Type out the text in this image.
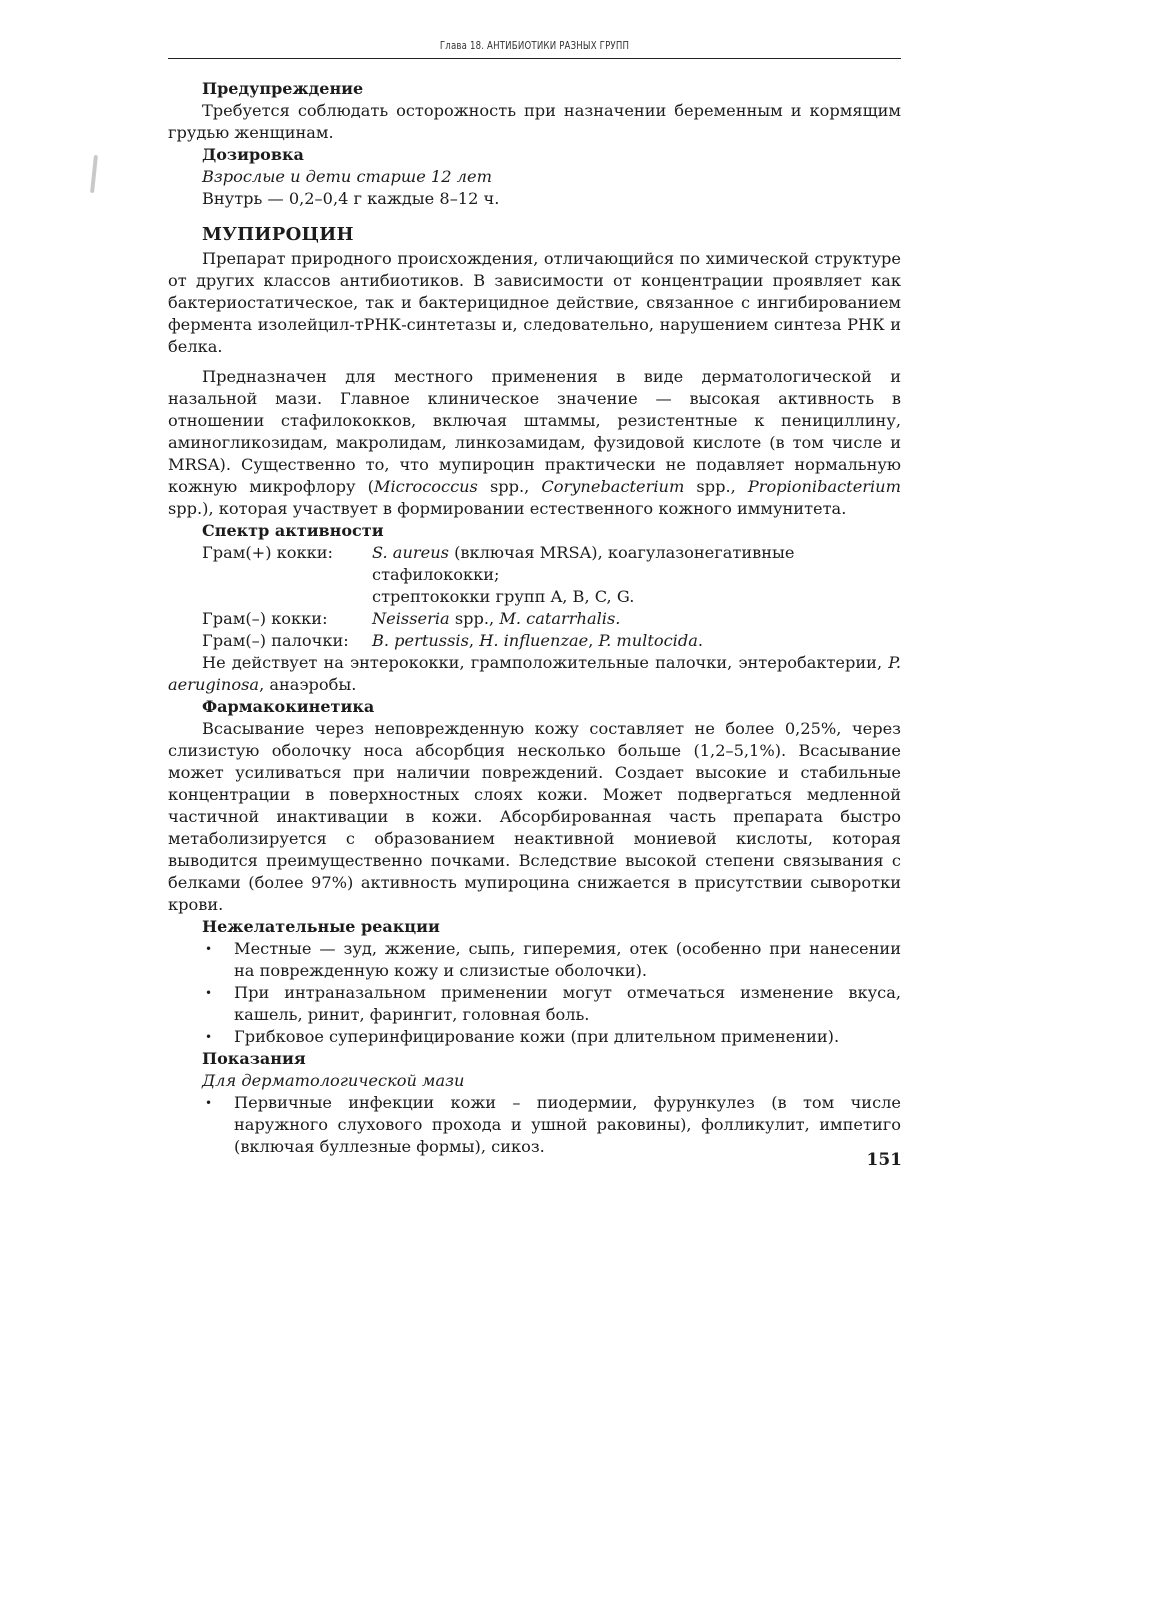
Глава 18. АНТИБИОТИКИ РАЗНЫХ ГРУПП

Предупреждение

Требуется соблюдать осторожность при назначении беременным и кормящим грудью женщинам.

Дозировка

Взрослые и дети старше 12 лет

Внутрь — 0,2–0,4 г каждые 8–12 ч.

МУПИРОЦИН

Препарат природного происхождения, отличающийся по химической структуре от других классов антибиотиков. В зависимости от концентрации проявляет как бактериостатическое, так и бактерицидное действие, связанное с ингибированием фермента изолейцил-тРНК-синтетазы и, следовательно, нарушением синтеза РНК и белка.

Предназначен для местного применения в виде дерматологической и назальной мази. Главное клиническое значение — высокая активность в отношении стафилококков, включая штаммы, резистентные к пенициллину, аминогликозидам, макролидам, линкозамидам, фузидовой кислоте (в том числе и MRSA). Существенно то, что мупироцин практически не подавляет нормальную кожную микрофлору (Micrococcus spp., Corynebacterium spp., Propionibacterium spp.), которая участвует в формировании естественного кожного иммунитета.

Спектр активности

Грам(+) кокки:	S. aureus (включая MRSA), коагулазонегативные стафилококки;
стрептококки групп A, B, C, G.
Грам(–) кокки:	Neisseria spp., M. catarrhalis.
Грам(–) палочки:	B. pertussis, H. influenzae, P. multocida.

Не действует на энтерококки, грамположительные палочки, энтеробактерии, P. aeruginosa, анаэробы.

Фармакокинетика

Всасывание через неповрежденную кожу составляет не более 0,25%, через слизистую оболочку носа абсорбция несколько больше (1,2–5,1%). Всасывание может усиливаться при наличии повреждений. Создает высокие и стабильные концентрации в поверхностных слоях кожи. Может подвергаться медленной частичной инактивации в кожи. Абсорбированная часть препарата быстро метаболизируется с образованием неактивной мониевой кислоты, которая выводится преимущественно почками. Вследствие высокой степени связывания с белками (более 97%) активность мупироцина снижается в присутствии сыворотки крови.

Нежелательные реакции

• Местные — зуд, жжение, сыпь, гиперемия, отек (особенно при нанесении на поврежденную кожу и слизистые оболочки).
• При интраназальном применении могут отмечаться изменение вкуса, кашель, ринит, фарингит, головная боль.
• Грибковое суперинфицирование кожи (при длительном применении).

Показания

Для дерматологической мази

• Первичные инфекции кожи – пиодермии, фурункулез (в том числе наружного слухового прохода и ушной раковины), фолликулит, импетиго (включая буллезные формы), сикоз.
151
